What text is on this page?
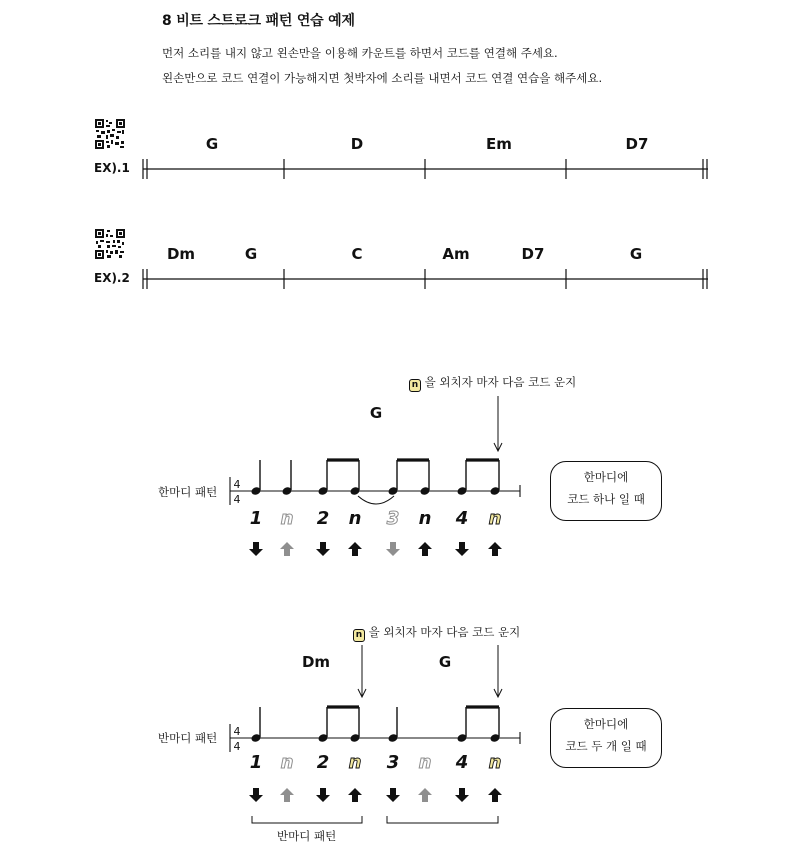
8 비트 스트로크 패턴 연습 예제
먼저 소리를 내지 않고 왼손만을 이용해 카운트를 하면서 코드를 연결해 주세요.
왼손만으로 코드 연결이 가능해지면 첫박자에 소리를 내면서 코드 연결 연습을 해주세요.
EX).1
G	D	Em	D7
EX).2
Dm	G	C	Am	D7	G
n 을 외치자 마자 다음 코드 운지
G
한마디 패턴
한마디에
코드 하나 일 때
n 을 외치자 마자 다음 코드 운지
Dm	G
반마디 패턴
한마디에
코드 두 개 일 때
반마디 패턴
4
4
1 n 2 n 3 n 4 n
4
4
1 n 2 n 3 n 4 n
